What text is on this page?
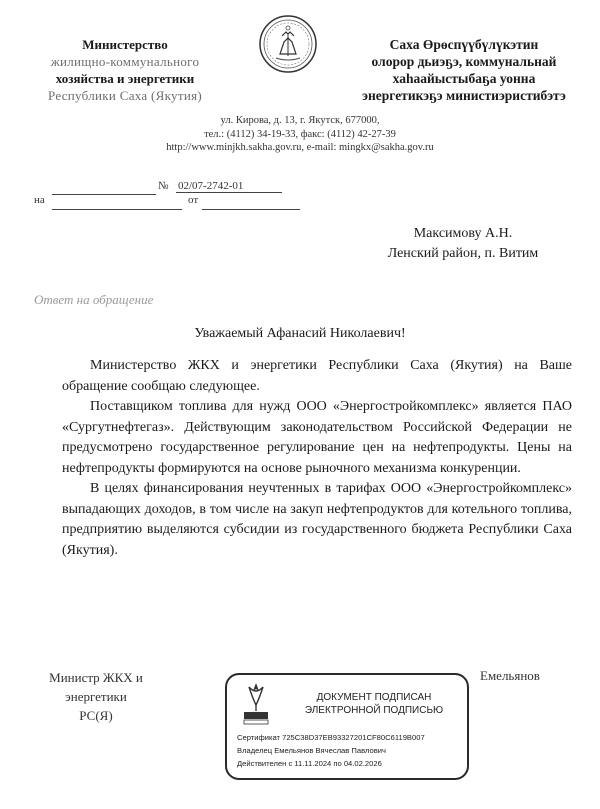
Министерство
жилищно-коммунального
хозяйства и энергетики
Республики Саха (Якутия)
Саха Өрөспүүбүлүкэтин
олорор дьиэҕэ, коммунальнай
хаһаайыстыбаҕа уонна
энергетикэҕэ министиэристибэтэ
ул. Кирова, д. 13, г. Якутск, 677000,
тел.: (4112) 34-19-33, факс: (4112) 42-27-39
http://www.minjkh.sakha.gov.ru, e-mail: mingkx@sakha.gov.ru
№ 02/07-2742-01
на	от
Максимову А.Н.
Ленский район, п. Витим
Ответ на обращение
Уважаемый Афанасий Николаевич!

Министерство ЖКХ и энергетики Республики Саха (Якутия) на Ваше обращение сообщаю следующее.

Поставщиком топлива для нужд ООО «Энергостройкомплекс» является ПАО «Сургутнефтегаз». Действующим законодательством Российской Федерации не предусмотрено государственное регулирование цен на нефтепродукты. Цены на нефтепродукты формируются на основе рыночного механизма конкуренции.

В целях финансирования неучтенных в тарифах ООО «Энергостройкомплекс» выпадающих доходов, в том числе на закуп нефтепродуктов для котельного топлива, предприятию выделяются субсидии из государственного бюджета Республики Саха (Якутия).

Министр ЖКХ и
энергетики
РС(Я)
Емельянов
ДОКУМЕНТ ПОДПИСАН
ЭЛЕКТРОННОЙ ПОДПИСЬЮ
Сертификат 725C38D37EB93327201CF80C6119B007
Владелец Емельянов Вячеслав Павлович
Действителен с 11.11.2024 по 04.02.2026
